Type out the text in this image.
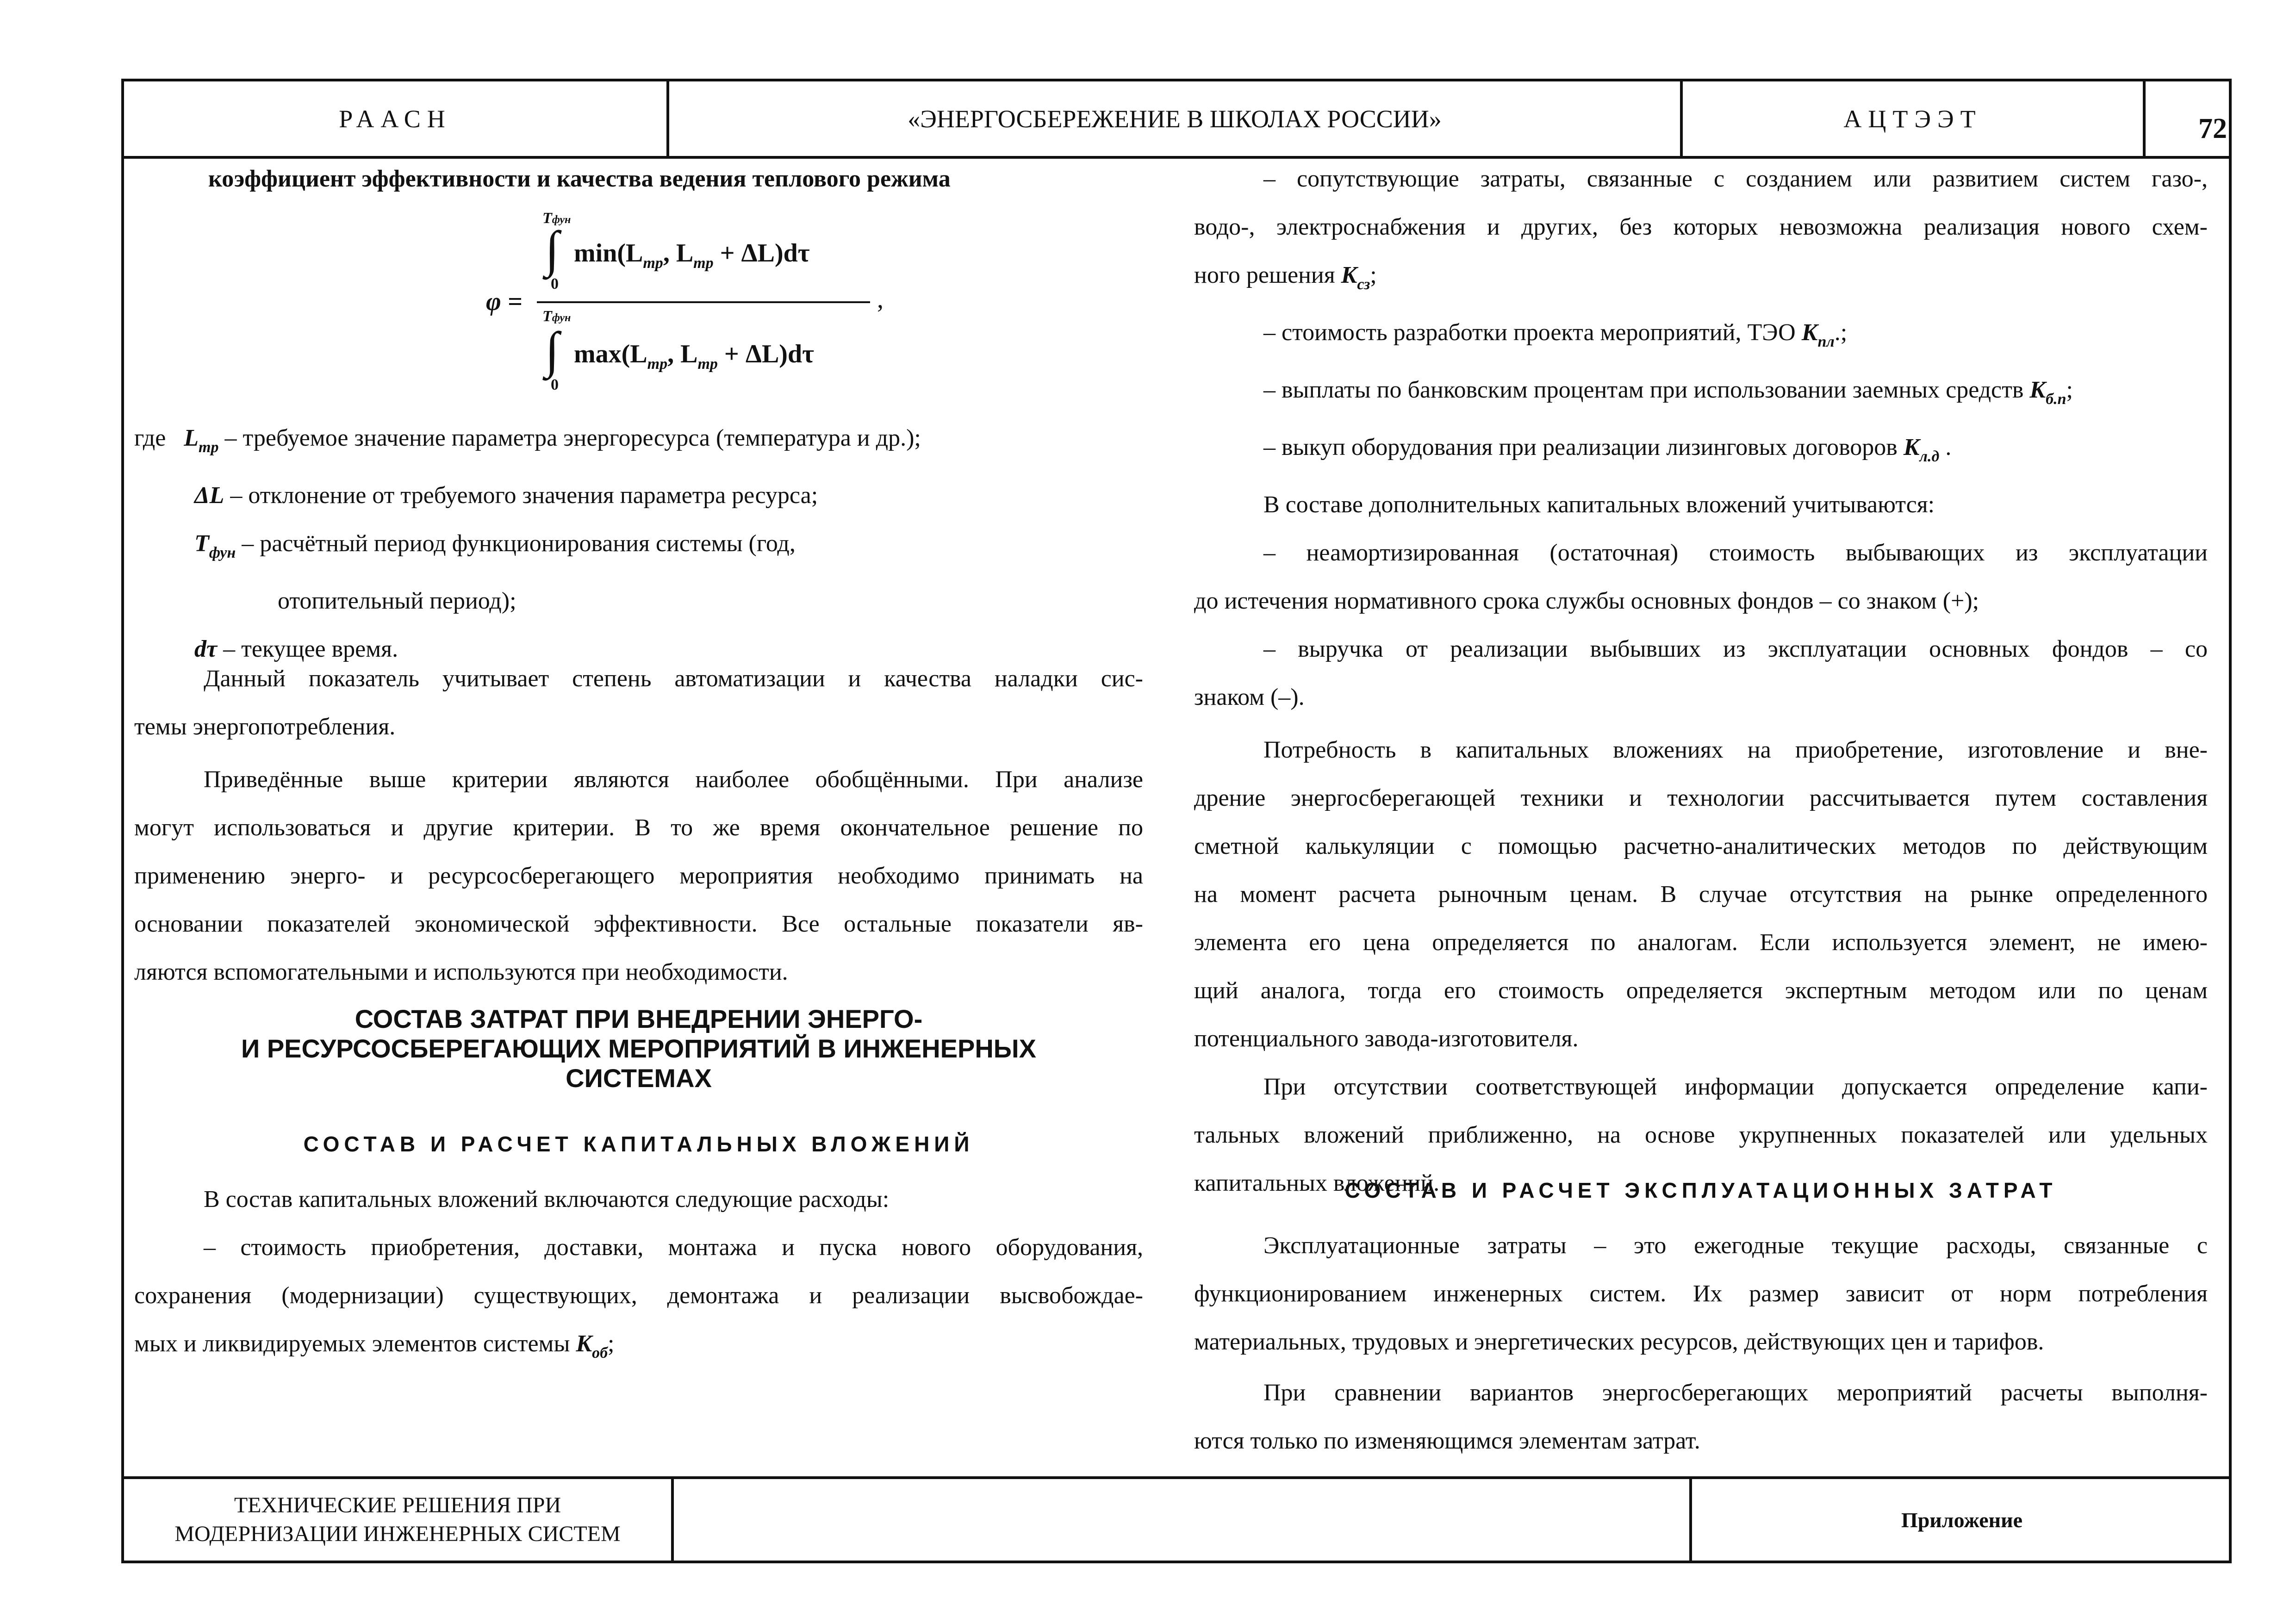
РААСН	«ЭНЕРГОСБЕРЕЖЕНИЕ В ШКОЛАХ РОССИИ»	АЦТЭЭТ	72
ТЕХНИЧЕСКИЕ РЕШЕНИЯ ПРИ
МОДЕРНИЗАЦИИ ИНЖЕНЕРНЫХ СИСТЕМ
Приложение

коэффициент эффективности и качества ведения теплового режима

φ =
∫
Tфун
0
$\min(L_{тр}$, $L_{тр} + \Delta L)d\tau$
,
Tфун
∫
0
$\max(L_{тр}$, $L_{тр} + \Delta L)d\tau$

где $L_{тр}$ – требуемое значение параметра энергоресурса (температура и др.);

ΔL – отклонение от требуемого значения параметра ресурса;

$T_{фун}$ – расчётный период функционирования системы (год,

отопительный период);

dτ – текущее время.

Данный показатель учитывает степень автоматизации и качества наладки сис-

темы энергопотребления.

Приведённые выше критерии являются наиболее обобщёнными. При анализе

могут использоваться и другие критерии. В то же время окончательное решение по

применению энерго- и ресурсосберегающего мероприятия необходимо принимать на

основании показателей экономической эффективности. Все остальные показатели яв-

ляются вспомогательными и используются при необходимости.

СОСТАВ ЗАТРАТ ПРИ ВНЕДРЕНИИ ЭНЕРГО-
И РЕСУРСОСБЕРЕГАЮЩИХ МЕРОПРИЯТИЙ В ИНЖЕНЕРНЫХ
СИСТЕМАХ
СОСТАВ И РАСЧЕТ КАПИТАЛЬНЫХ ВЛОЖЕНИЙ

В состав капитальных вложений включаются следующие расходы:

– стоимость приобретения, доставки, монтажа и пуска нового оборудования,

сохранения (модернизации) существующих, демонтажа и реализации высвобождае-

мых и ликвидируемых элементов системы $K_{об}$;

– сопутствующие затраты, связанные с созданием или развитием систем газо-,

водо-, электроснабжения и других, без которых невозможна реализация нового схем-

ного решения $K_{сз}$;

– стоимость разработки проекта мероприятий, ТЭО $K_{пл}$.;

– выплаты по банковским процентам при использовании заемных средств $K_{б.п}$;

– выкуп оборудования при реализации лизинговых договоров $K_{л.д}$ .

В составе дополнительных капитальных вложений учитываются:

– неамортизированная (остаточная) стоимость выбывающих из эксплуатации

до истечения нормативного срока службы основных фондов – со знаком (+);

– выручка от реализации выбывших из эксплуатации основных фондов – со

знаком (–).

Потребность в капитальных вложениях на приобретение, изготовление и вне-

дрение энергосберегающей техники и технологии рассчитывается путем составления

сметной калькуляции с помощью расчетно-аналитических методов по действующим

на момент расчета рыночным ценам. В случае отсутствия на рынке определенного

элемента его цена определяется по аналогам. Если используется элемент, не имею-

щий аналога, тогда его стоимость определяется экспертным методом или по ценам

потенциального завода-изготовителя.

При отсутствии соответствующей информации допускается определение капи-

тальных вложений приближенно, на основе укрупненных показателей или удельных

капитальных вложений.

СОСТАВ И РАСЧЕТ ЭКСПЛУАТАЦИОННЫХ ЗАТРАТ

Эксплуатационные затраты – это ежегодные текущие расходы, связанные с

функционированием инженерных систем. Их размер зависит от норм потребления

материальных, трудовых и энергетических ресурсов, действующих цен и тарифов.

При сравнении вариантов энергосберегающих мероприятий расчеты выполня-

ются только по изменяющимся элементам затрат.
